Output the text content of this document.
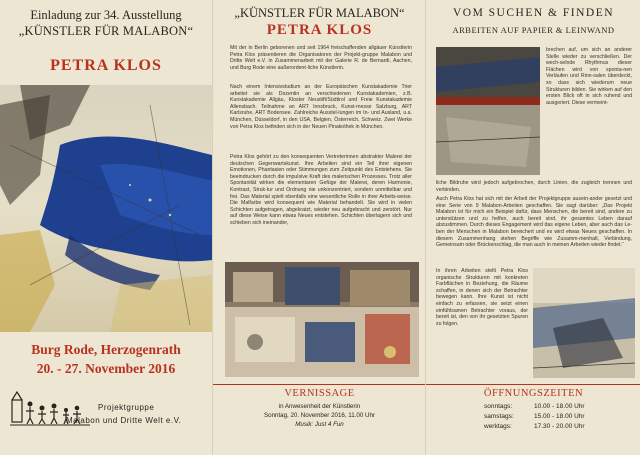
Einladung zur 34. Ausstellung
„KÜNSTLER FÜR MALABON“
PETRA KLOS
Burg Rode, Herzogenrath
20. - 27. November 2016
Projektgruppe
Malabon und Dritte Welt e.V.
„KÜNSTLER FÜR MALABON“
PETRA KLOS
Mit der in Berlin geborenen und seit 1964 freischaffenden allgäuer Künstlerin Petra Klos präsentieren die Organisatoren der Projekt-gruppe Malabon und Dritte Welt e.V. in Zusammenarbeit mit der Galerie R. de Bernardi, Aachen, und Burg Rode eine außerordent-liche Künstlerin.
Nach einem Intensivstudium an der Europäischen Kunstakademie Trier arbeitet sie als Dozentin an verschiedenen Kunstakademien, z.B. Kunstakademie Allgäu, Kloster Neustift/Südtirol und Freie Kunstakademie Allensbach. Teilnahme an ART Innsbruck, Kunst-messe Salzburg, ART Karlsruhe, ART Bodensee. Zahlreiche Ausstel-lungen im In- und Ausland, u.a. München, Düsseldorf, in den USA, Belgien, Österreich, Schweiz. Zwei Werke von Petra Klos befinden sich in der Neuen Pinakothek in München.
Petra Klos gehört zu den konsequenten Vertreterinnen abstrakter Malerei der deutschen Gegenwartskunst. Ihre Arbeiten sind ein Teil ihrer eigenen Emotionen, Phantasien oder Stimmungen zum Zeitpunkt des Entstehens. Sie beeindrucken durch die impulsive Kraft des malerischen Prozesses. Trotz aller Spontanität wirken die elementaren Gefüge der Malerei, deren Harmonie, Kontrast, Struk-tur und Ordnung nie unkonzentriert, sondern unmittelbar und frei. Das Material spielt ebenfalls eine wesentliche Rolle in ihrer Arbeits-weise. Die Malfarbe wird konsequent wie Material behandelt. Sie wird in vielen Schichten aufgetragen, abgekratzt, wieder neu aufgebracht und zerstört. Nur auf diese Weise kann etwas Neues entstehen. Schichten überlagern sich und schieben sich ineinander,
VERNISSAGE
in Anwesenheit der Künstlerin
Sonntag, 20. November 2016, 11.00 Uhr
Musik: Just 4 Fun
VOM SUCHEN & FINDEN
ARBEITEN AUF PAPIER & LEINWAND
brechen auf, um sich an anderer Stelle wieder zu verschließen. Der wech-selnde Rhythmus dieser Flächen wird von sponta-nen Verläufen und Rinn-salen überdeckt, so dass sich wiederum neue Strukturen bilden. Sie wirken auf den ersten Blick oft in sich ruhend und ausgeriert. Diese vermeint-
liche Bildruhe wird jedoch aufgebrochen, durch Linien, die zugleich trennen und verbinden.
Auch Petra Klos hat sich mit der Arbeit der Projektgruppe ausein-ander gesetzt und eine Serie von 9 Malabon-Arbeiten geschaffen. Sie sagt darüber: „Das Projekt Malabon ist für mich ein Beispiel dafür, dass Menschen, die bereit sind, andere zu unterstützen und zu helfen, auch bereit sind, ihr gesamtes Leben darauf abzustimmen. Durch dieses Engagement wird das eigene Leben, aber auch das Le-ben der Menschen in Malabon bereichert und es wird etwas Neues geschaffen. In diesem Zusammenhang stehen Begriffe wie Zusamm-menhalt, Verbindung, Gemeinsam oder Brückenschlag, die man auch in meinen Arbeiten wieder findet.“
In ihren Arbeiten stellt Petra Klos organische Strukturen mit konkreten Farbflächen in Beziehung, die Räume schaffen, in denen sich der Betrachter bewegen kann. Ihre Kunst ist nicht einfach zu erfassen, sie setzt einen einfühlsamen Betrachter voraus, der bereit ist, den von ihr gesetzten Spuren zu folgen.
ÖFFNUNGSZEITEN
sonntags:	10.00 - 18.00 Uhr
samstags:	15.00 - 18.00 Uhr
werktags:	17.30 - 20.00 Uhr
